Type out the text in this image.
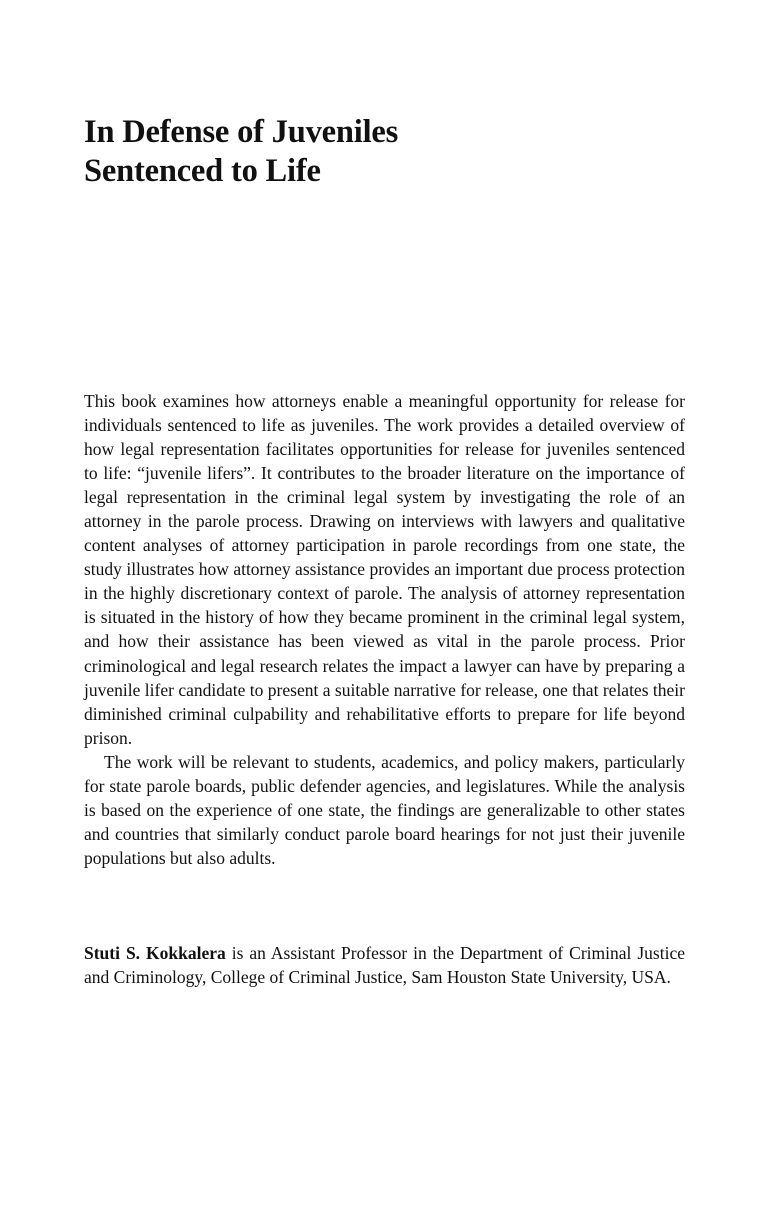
In Defense of Juveniles
Sentenced to Life

This book examines how attorneys enable a meaningful opportunity for release for individuals sentenced to life as juveniles. The work provides a detailed overview of how legal representation facilitates opportunities for release for juveniles sentenced to life: “juvenile lifers”. It contributes to the broader literature on the importance of legal representation in the criminal legal system by investigating the role of an attorney in the parole process. Drawing on interviews with lawyers and qualitative content analyses of attorney participation in parole recordings from one state, the study illustrates how attorney assistance provides an important due process protection in the highly discretionary context of parole. The analysis of attorney representation is situated in the history of how they became prominent in the criminal legal system, and how their assistance has been viewed as vital in the parole process. Prior criminological and legal research relates the impact a lawyer can have by preparing a juvenile lifer candidate to present a suitable narrative for release, one that relates their diminished criminal culpability and rehabilitative efforts to prepare for life beyond prison.

The work will be relevant to students, academics, and policy makers, particularly for state parole boards, public defender agencies, and legislatures. While the analysis is based on the experience of one state, the findings are generalizable to other states and countries that similarly conduct parole board hearings for not just their juvenile populations but also adults.

Stuti S. Kokkalera is an Assistant Professor in the Department of Criminal Justice and Criminology, College of Criminal Justice, Sam Houston State University, USA.
